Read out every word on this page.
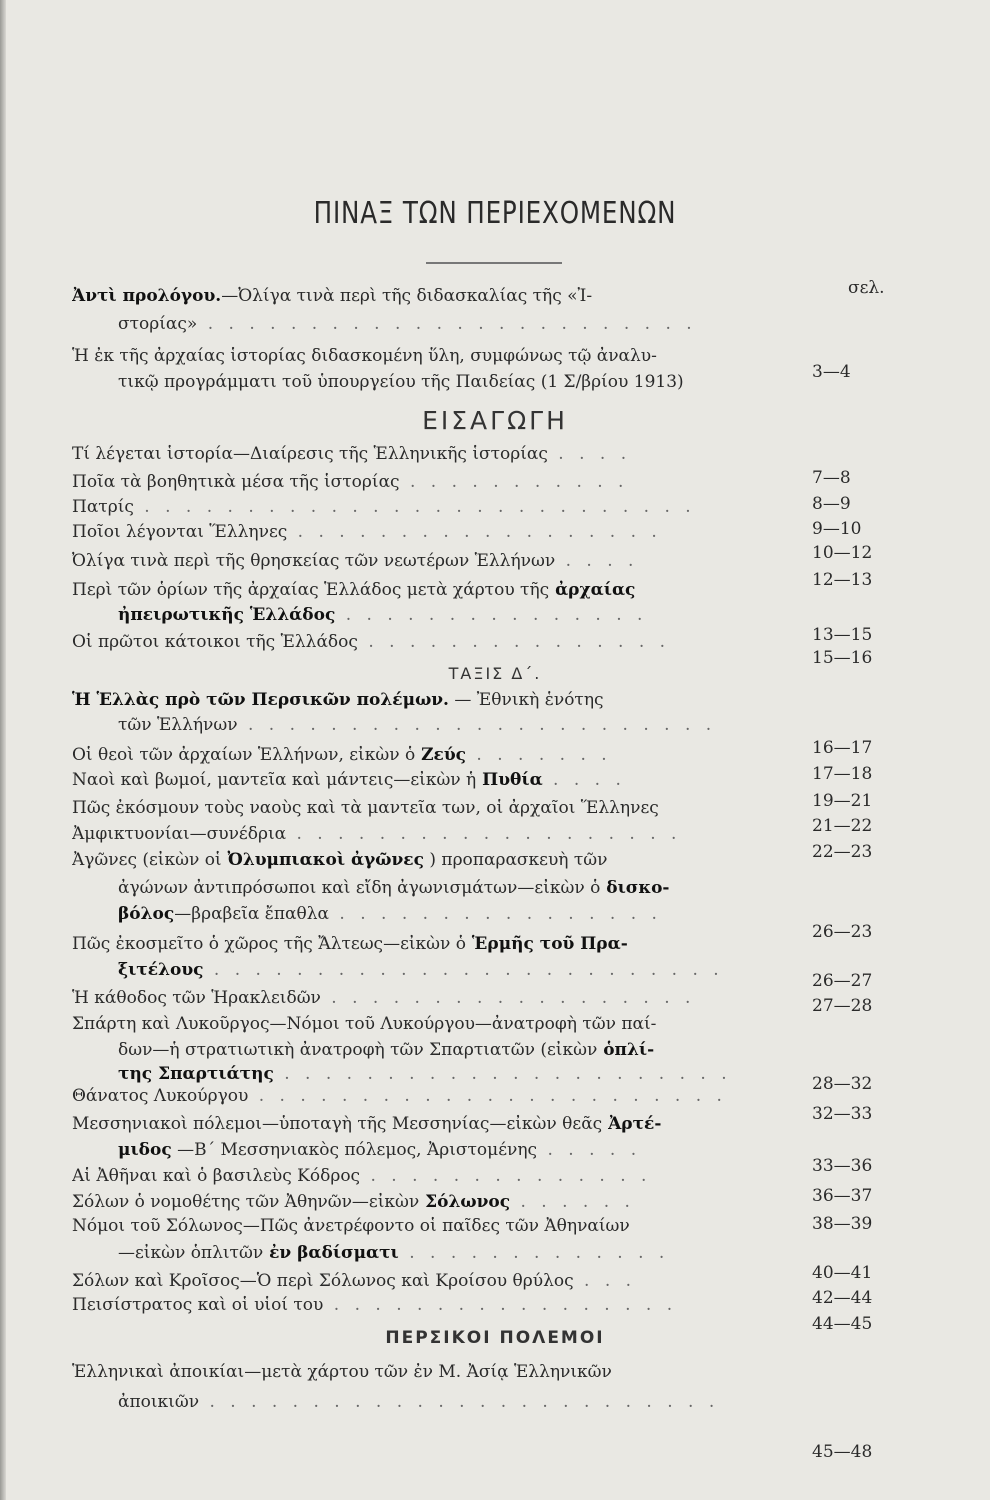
ΠΙΝΑΞ ΤΩΝ ΠΕΡΙΕΧΟΜΕΝΩΝ
σελ.
ΕΙΣΑΓΩΓΗ
ΤΑΞΙΣ Δ΄.
ΠΕΡΣΙΚΟΙ ΠΟΛΕΜΟΙ
Ἀντὶ προλόγου.—Ὀλίγα τινὰ περὶ τῆς διδασκαλίας τῆς «Ἰ-
στορίας» . . . . . . . . . . . . . . . . . . . . . . . .
Ἡ ἐκ τῆς ἀρχαίας ἱστορίας διδασκομένη ὕλη, συμφώνως τῷ ἀναλυ-
τικῷ προγράμματι τοῦ ὑπουργείου τῆς Παιδείας (1 Σ/βρίου 1913)
Τί λέγεται ἱστορία—Διαίρεσις τῆς Ἑλληνικῆς ἱστορίας . . . .
Ποῖα τὰ βοηθητικὰ μέσα τῆς ἱστορίας . . . . . . . . . . .
Πατρίς . . . . . . . . . . . . . . . . . . . . . . . . . . .
Ποῖοι λέγονται Ἕλληνες . . . . . . . . . . . . . . . . . .
Ὀλίγα τινὰ περὶ τῆς θρησκείας τῶν νεωτέρων Ἑλλήνων . . . .
Περὶ τῶν ὁρίων τῆς ἀρχαίας Ἑλλάδος μετὰ χάρτου τῆς ἀρχαίας
ἠπειρωτικῆς Ἑλλάδος . . . . . . . . . . . . . . .
Οἱ πρῶτοι κάτοικοι τῆς Ἑλλάδος . . . . . . . . . . . . . . .
Ἡ Ἑλλὰς πρὸ τῶν Περσικῶν πολέμων. — Ἐθνικὴ ἑνότης
τῶν Ἑλλήνων . . . . . . . . . . . . . . . . . . . . . . .
Οἱ θεοὶ τῶν ἀρχαίων Ἑλλήνων, εἰκὼν ὁ Ζεύς . . . . . . .
Ναοὶ καὶ βωμοί, μαντεῖα καὶ μάντεις—εἰκὼν ἡ Πυθία . . . .
Πῶς ἐκόσμουν τοὺς ναοὺς καὶ τὰ μαντεῖα των, οἱ ἀρχαῖοι Ἕλληνες
Ἀμφικτυονίαι—συνέδρια . . . . . . . . . . . . . . . . . . .
Ἀγῶνες (εἰκὼν οἱ Ὀλυμπιακοὶ ἀγῶνες ) προπαρασκευὴ τῶν
ἀγώνων ἀντιπρόσωποι καὶ εἴδη ἀγωνισμάτων—εἰκὼν ὁ δισκο-
βόλος—βραβεῖα ἔπαθλα . . . . . . . . . . . . . . . .
Πῶς ἐκοσμεῖτο ὁ χῶρος τῆς Ἄλτεως—εἰκὼν ὁ Ἑρμῆς τοῦ Πρα-
ξιτέλους . . . . . . . . . . . . . . . . . . . . . . . . .
Ἡ κάθοδος τῶν Ἡρακλειδῶν . . . . . . . . . . . . . . . . . .
Σπάρτη καὶ Λυκοῦργος—Νόμοι τοῦ Λυκούργου—ἀνατροφὴ τῶν παί-
δων—ἡ στρατιωτικὴ ἀνατροφὴ τῶν Σπαρτιατῶν (εἰκὼν ὁπλί-
της Σπαρτιάτης . . . . . . . . . . . . . . . . . . . . . .
Θάνατος Λυκούργου . . . . . . . . . . . . . . . . . . . . . . .
Μεσσηνιακοὶ πόλεμοι—ὑποταγὴ τῆς Μεσσηνίας—εἰκὼν θεᾶς Ἀρτέ-
μιδος —Β΄ Μεσσηνιακὸς πόλεμος, Ἀριστομένης . . . . .
Αἱ Ἀθῆναι καὶ ὁ βασιλεὺς Κόδρος . . . . . . . . . . . . . .
Σόλων ὁ νομοθέτης τῶν Ἀθηνῶν—εἰκὼν Σόλωνος . . . . . .
Νόμοι τοῦ Σόλωνος—Πῶς ἀνετρέφοντο οἱ παῖδες τῶν Ἀθηναίων
—εἰκὼν ὁπλιτῶν ἐν βαδίσματι . . . . . . . . . . . . .
Σόλων καὶ Κροῖσος—Ὁ περὶ Σόλωνος καὶ Κροίσου θρύλος . . .
Πεισίστρατος καὶ οἱ υἱοί του . . . . . . . . . . . . . . . . .
Ἑλληνικαὶ ἀποικίαι—μετὰ χάρτου τῶν ἐν Μ. Ἀσίᾳ Ἑλληνικῶν
ἀποικιῶν . . . . . . . . . . . . . . . . . . . . . . . . .
3—4
7—8
8—9
9—10
10—12
12—13
13—15
15—16
16—17
17—18
19—21
21—22
22—23
26—23
26—27
27—28
28—32
32—33
33—36
36—37
38—39
40—41
42—44
44—45
45—48
